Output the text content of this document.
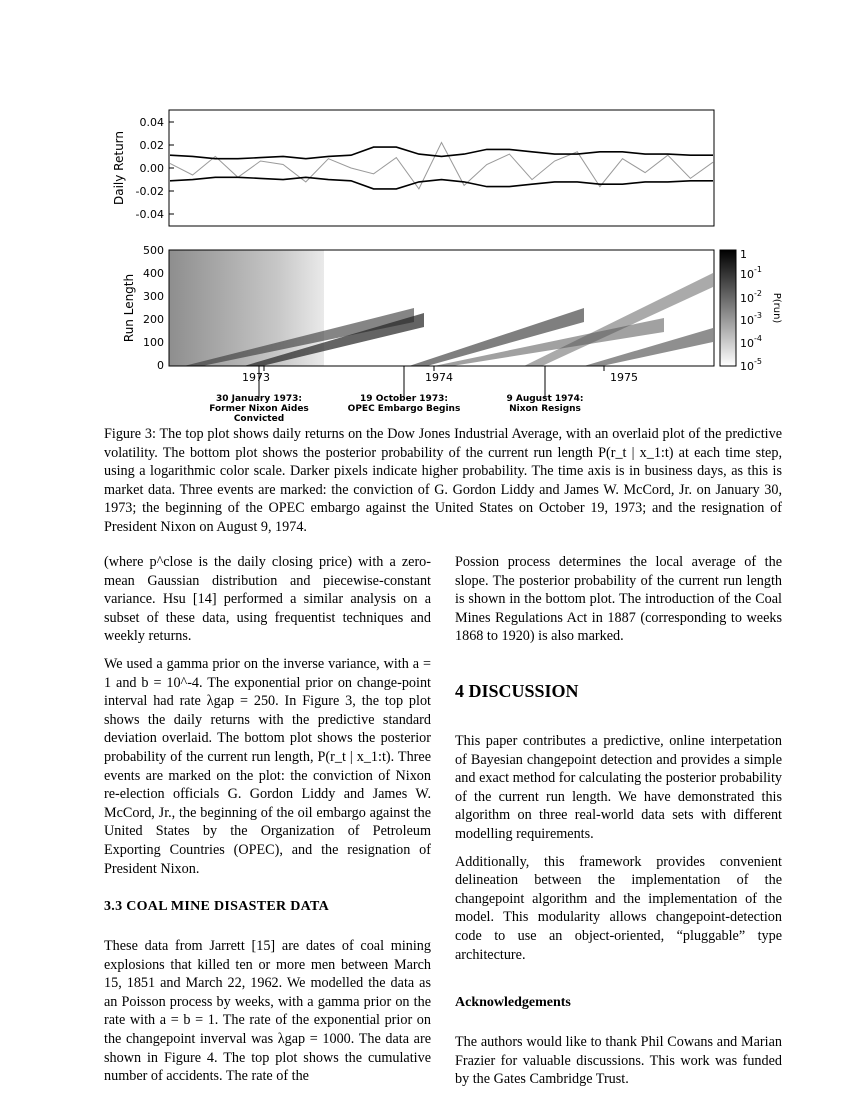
0.04
0.02
0.00
-0.02
-0.04
Daily Return
500
400
300
200
100
0
Run Length
1973	1974	1975
30 January 1973:
Former Nixon Aides
Convicted
19 October 1973:
OPEC Embargo Begins
9 August 1974:
Nixon Resigns
1
10 -1
10 -2
10 -3
10 -4
10 -5
P(run)

Figure 3: The top plot shows daily returns on the Dow Jones Industrial Average, with an overlaid plot of the predictive volatility. The bottom plot shows the posterior probability of the current run length P(r_t | x_1:t) at each time step, using a logarithmic color scale. Darker pixels indicate higher probability. The time axis is in business days, as this is market data. Three events are marked: the conviction of G. Gordon Liddy and James W. McCord, Jr. on January 30, 1973; the beginning of the OPEC embargo against the United States on October 19, 1973; and the resignation of President Nixon on August 9, 1974.

(where p^close is the daily closing price) with a zero-mean Gaussian distribution and piecewise-constant variance. Hsu [14] performed a similar analysis on a subset of these data, using frequentist techniques and weekly returns.

We used a gamma prior on the inverse variance, with a = 1 and b = 10^-4. The exponential prior on change-point interval had rate λgap = 250. In Figure 3, the top plot shows the daily returns with the predictive standard deviation overlaid. The bottom plot shows the posterior probability of the current run length, P(r_t | x_1:t). Three events are marked on the plot: the conviction of Nixon re-election officials G. Gordon Liddy and James W. McCord, Jr., the beginning of the oil embargo against the United States by the Organization of Petroleum Exporting Countries (OPEC), and the resignation of President Nixon.

3.3 COAL MINE DISASTER DATA

These data from Jarrett [15] are dates of coal mining explosions that killed ten or more men between March 15, 1851 and March 22, 1962. We modelled the data as an Poisson process by weeks, with a gamma prior on the rate with a = b = 1. The rate of the exponential prior on the changepoint inverval was λgap = 1000. The data are shown in Figure 4. The top plot shows the cumulative number of accidents. The rate of the

Possion process determines the local average of the slope. The posterior probability of the current run length is shown in the bottom plot. The introduction of the Coal Mines Regulations Act in 1887 (corresponding to weeks 1868 to 1920) is also marked.

4 DISCUSSION

This paper contributes a predictive, online interpetation of Bayesian changepoint detection and provides a simple and exact method for calculating the posterior probability of the current run length. We have demonstrated this algorithm on three real-world data sets with different modelling requirements.

Additionally, this framework provides convenient delineation between the implementation of the changepoint algorithm and the implementation of the model. This modularity allows changepoint-detection code to use an object-oriented, “pluggable” type architecture.

Acknowledgements

The authors would like to thank Phil Cowans and Marian Frazier for valuable discussions. This work was funded by the Gates Cambridge Trust.
